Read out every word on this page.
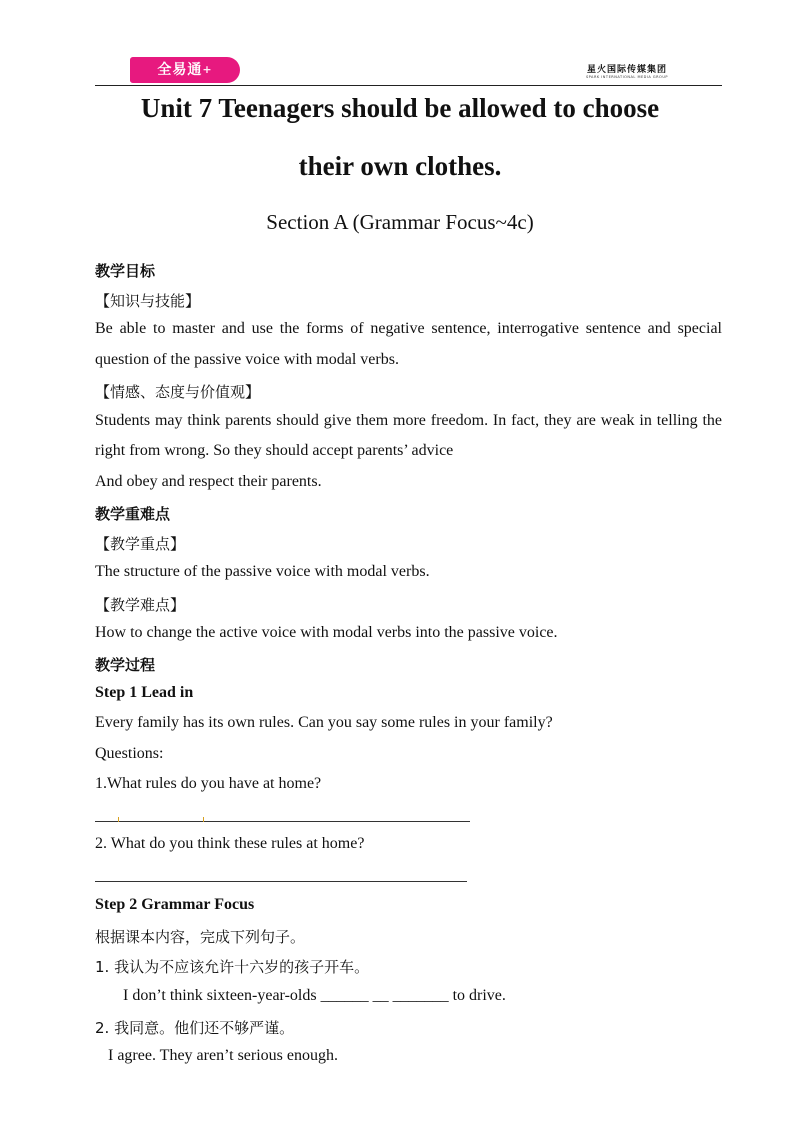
全易通+	星火国际传媒集团
SPARK INTERNATIONAL MEDIA GROUP
Unit 7 Teenagers should be allowed to choose
their own clothes.

Section A (Grammar Focus~4c)

教学目标

【知识与技能】

Be able to master and use the forms of negative sentence, interrogative sentence and special

question of the passive voice with modal verbs.

【情感、态度与价值观】

Students may think parents should give them more freedom. In fact, they are weak in telling the

right from wrong. So they should accept parents’ advice

And obey and respect their parents.

教学重难点

【教学重点】

The structure of the passive voice with modal verbs.

【教学难点】

How to change the active voice with modal verbs into the passive voice.

教学过程

Step 1 Lead in

Every family has its own rules. Can you say some rules in your family?

Questions:

1.What rules do you have at home?

2. What do you think these rules at home?

Step 2 Grammar Focus

根据课本内容，完成下列句子。

1. 我认为不应该允许十六岁的孩子开车。

I don’t think sixteen-year-olds ______ __ _______ to drive.

2. 我同意。他们还不够严谨。

I agree. They aren’t serious enough.
